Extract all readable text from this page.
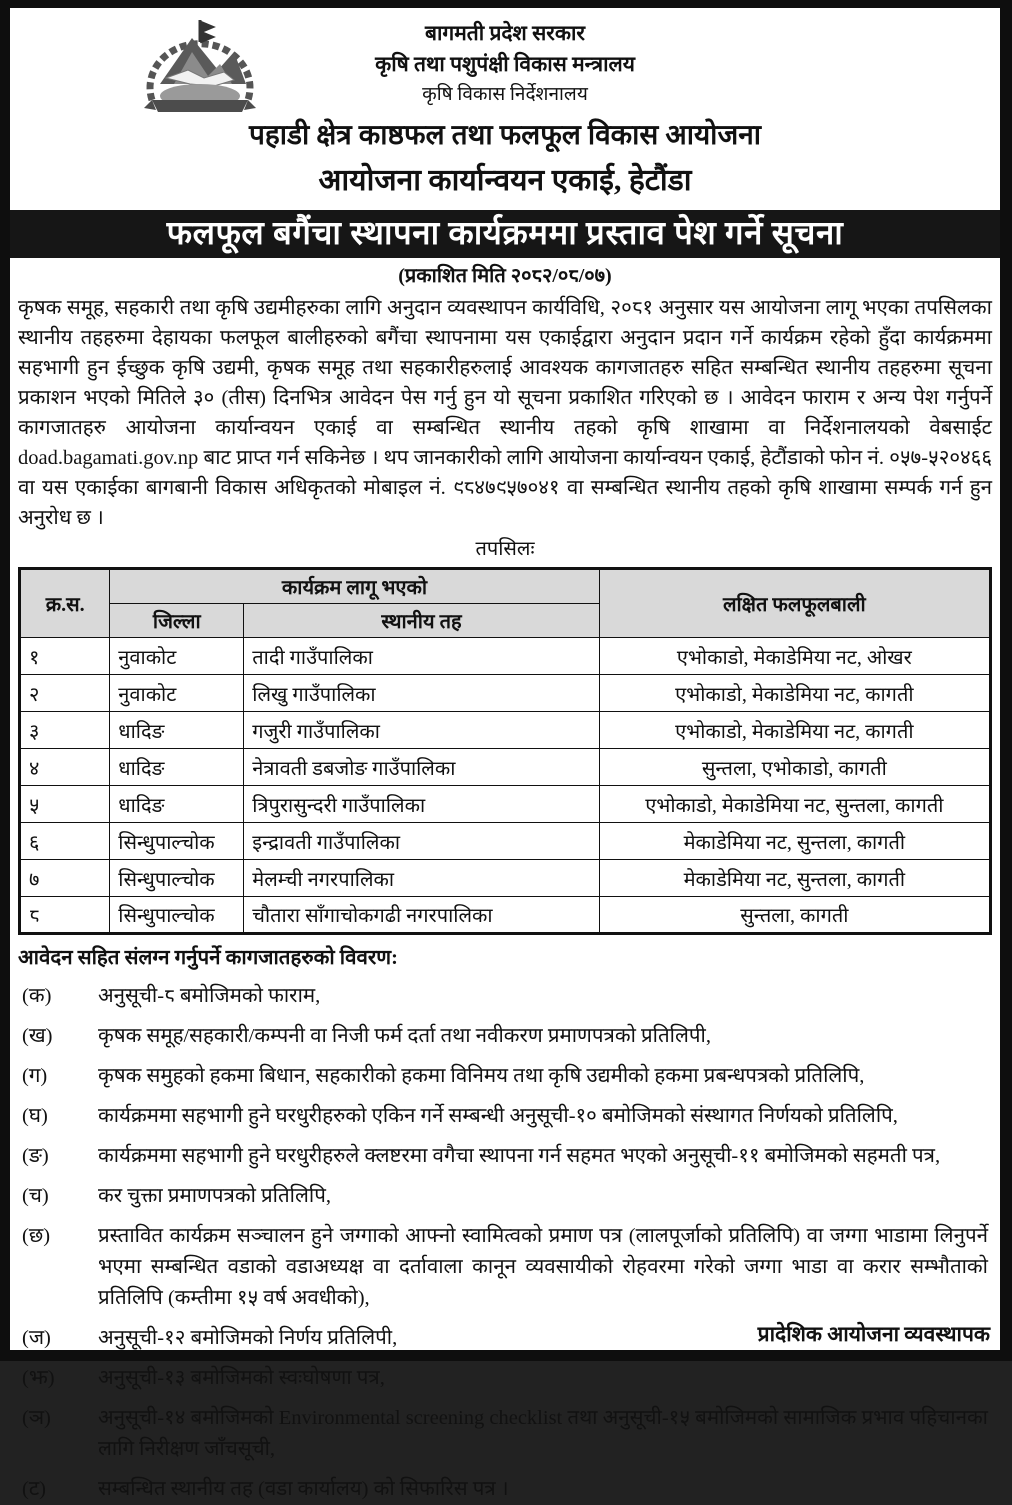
बागमती प्रदेश सरकार
कृषि तथा पशुपंक्षी विकास मन्त्रालय
कृषि विकास निर्देशनालय
पहाडी क्षेत्र काष्ठफल तथा फलफूल विकास आयोजना
आयोजना कार्यान्वयन एकाई, हेटौंडा
फलफूल बगैंचा स्थापना कार्यक्रममा प्रस्ताव पेश गर्ने सूचना
(प्रकाशित मिति २०८२/०८/०७)

कृषक समूह, सहकारी तथा कृषि उद्यमीहरुका लागि अनुदान व्यवस्थापन कार्यविधि, २०८१ अनुसार यस आयोजना लागू भएका तपसिलका स्थानीय तहहरुमा देहायका फलफूल बालीहरुको बगैंचा स्थापनामा यस एकाईद्वारा अनुदान प्रदान गर्ने कार्यक्रम रहेको हुँदा कार्यक्रममा सहभागी हुन ईच्छुक कृषि उद्यमी, कृषक समूह तथा सहकारीहरुलाई आवश्यक कागजातहरु सहित सम्बन्धित स्थानीय तहहरुमा सूचना प्रकाशन भएको मितिले ३० (तीस) दिनभित्र आवेदन पेस गर्नु हुन यो सूचना प्रकाशित गरिएको छ । आवेदन फाराम र अन्य पेश गर्नुपर्ने कागजातहरु आयोजना कार्यान्वयन एकाई वा सम्बन्धित स्थानीय तहको कृषि शाखामा वा निर्देशनालयको वेबसाईट doad.bagamati.gov.np बाट प्राप्त गर्न सकिनेछ । थप जानकारीको लागि आयोजना कार्यान्वयन एकाई, हेटौंडाको फोन नं. ०५७-५२०४६६ वा यस एकाईका बागबानी विकास अधिकृतको मोबाइल नं. ९८४७९५७०४१ वा सम्बन्धित स्थानीय तहको कृषि शाखामा सम्पर्क गर्न हुन अनुरोध छ ।

तपसिलः
क्र.स.	कार्यक्रम लागू भएको		लक्षित फलफूलबाली
	जिल्ला	स्थानीय तह	
१	नुवाकोट	तादी गाउँपालिका	एभोकाडो, मेकाडेमिया नट, ओखर
२	नुवाकोट	लिखु गाउँपालिका	एभोकाडो, मेकाडेमिया नट, कागती
३	धादिङ	गजुरी गाउँपालिका	एभोकाडो, मेकाडेमिया नट, कागती
४	धादिङ	नेत्रावती डबजोङ गाउँपालिका	सुन्तला, एभोकाडो, कागती
५	धादिङ	त्रिपुरासुन्दरी गाउँपालिका	एभोकाडो, मेकाडेमिया नट, सुन्तला, कागती
६	सिन्धुपाल्चोक	इन्द्रावती गाउँपालिका	मेकाडेमिया नट, सुन्तला, कागती
७	सिन्धुपाल्चोक	मेलम्ची नगरपालिका	मेकाडेमिया नट, सुन्तला, कागती
८	सिन्धुपाल्चोक	चौतारा साँगाचोकगढी नगरपालिका	सुन्तला, कागती
आवेदन सहित संलग्न गर्नुपर्ने कागजातहरुको विवरण:
(क)	अनुसूची-८ बमोजिमको फाराम,
(ख)	कृषक समूह/सहकारी/कम्पनी वा निजी फर्म दर्ता तथा नवीकरण प्रमाणपत्रको प्रतिलिपी,
(ग)	कृषक समुहको हकमा बिधान, सहकारीको हकमा विनिमय तथा कृषि उद्यमीको हकमा प्रबन्धपत्रको प्रतिलिपि,
(घ)	कार्यक्रममा सहभागी हुने घरधुरीहरुको एकिन गर्ने सम्बन्धी अनुसूची-१० बमोजिमको संस्थागत निर्णयको प्रतिलिपि,
(ङ)	कार्यक्रममा सहभागी हुने घरधुरीहरुले क्लष्टरमा वगैचा स्थापना गर्न सहमत भएको अनुसूची-११ बमोजिमको सहमती पत्र,
(च)	कर चुक्ता प्रमाणपत्रको प्रतिलिपि,
(छ)	प्रस्तावित कार्यक्रम सञ्चालन हुने जग्गाको आफ्नो स्वामित्वको प्रमाण पत्र (लालपूर्जाको प्रतिलिपि) वा जग्गा भाडामा लिनुपर्ने भएमा सम्बन्धित वडाको वडाअध्यक्ष वा दर्तावाला कानून व्यवसायीको रोहवरमा गरेको जग्गा भाडा वा करार सम्भौताको प्रतिलिपि (कम्तीमा १५ वर्ष अवधीको),
(ज)	अनुसूची-१२ बमोजिमको निर्णय प्रतिलिपी,
(झ)	अनुसूची-१३ बमोजिमको स्वःघोषणा पत्र,
(ञ)	अनुसूची-१४ बमोजिमको Environmental screening checklist तथा अनुसूची-१५ बमोजिमको सामाजिक प्रभाव पहिचानका लागि निरीक्षण जाँचसूची,
(ट)	सम्बन्धित स्थानीय तह (वडा कार्यालय) को सिफारिस पत्र ।
प्रादेशिक आयोजना व्यवस्थापक
